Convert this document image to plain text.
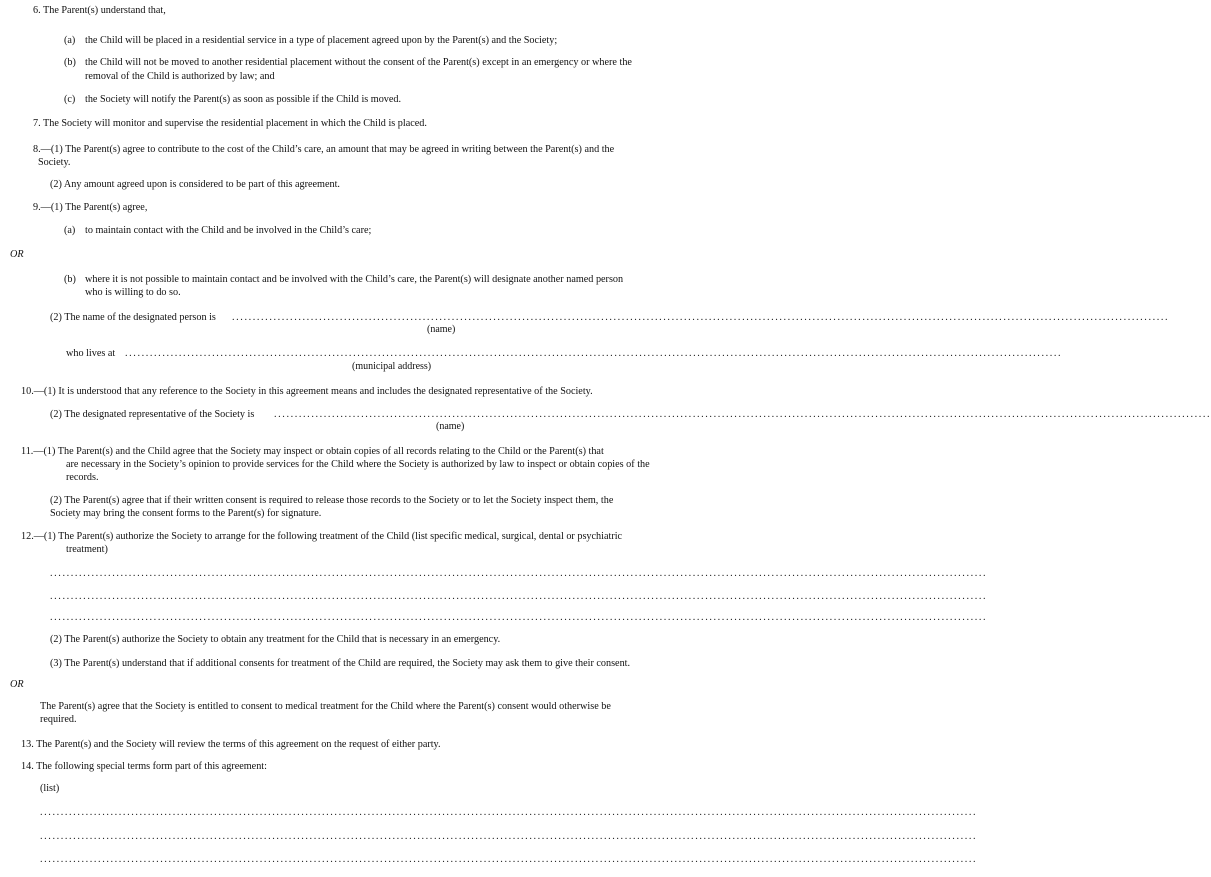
6. The Parent(s) understand that,
(a) the Child will be placed in a residential service in a type of placement agreed upon by the Parent(s) and the Society;
(b) the Child will not be moved to another residential placement without the consent of the Parent(s) except in an emergency or where the
removal of the Child is authorized by law; and
(c) the Society will notify the Parent(s) as soon as possible if the Child is moved.
7. The Society will monitor and supervise the residential placement in which the Child is placed.
8.—(1) The Parent(s) agree to contribute to the cost of the Child’s care, an amount that may be agreed in writing between the Parent(s) and the
Society.
(2) Any amount agreed upon is considered to be part of this agreement.
9.—(1) The Parent(s) agree,
(a) to maintain contact with the Child and be involved in the Child’s care;
OR
(b) where it is not possible to maintain contact and be involved with the Child’s care, the Parent(s) will designate another named person
who is willing to do so.
(2) The name of the designated person is ..................................................................................................................................................................................................................................
(name)
who lives at ..................................................................................................................................................................................................................................
(municipal address)
10.—(1) It is understood that any reference to the Society in this agreement means and includes the designated representative of the Society.
(2) The designated representative of the Society is ..................................................................................................................................................................................................................................
(name)
11.—(1) The Parent(s) and the Child agree that the Society may inspect or obtain copies of all records relating to the Child or the Parent(s) that
are necessary in the Society’s opinion to provide services for the Child where the Society is authorized by law to inspect or obtain copies of the
records.
(2) The Parent(s) agree that if their written consent is required to release those records to the Society or to let the Society inspect them, the
Society may bring the consent forms to the Parent(s) for signature.
12.—(1) The Parent(s) authorize the Society to arrange for the following treatment of the Child (list specific medical, surgical, dental or psychiatric
treatment)
..................................................................................................................................................................................................................................
..................................................................................................................................................................................................................................
..................................................................................................................................................................................................................................
(2) The Parent(s) authorize the Society to obtain any treatment for the Child that is necessary in an emergency.
(3) The Parent(s) understand that if additional consents for treatment of the Child are required, the Society may ask them to give their consent.
OR
The Parent(s) agree that the Society is entitled to consent to medical treatment for the Child where the Parent(s) consent would otherwise be
required.
13. The Parent(s) and the Society will review the terms of this agreement on the request of either party.
14. The following special terms form part of this agreement:
(list)
..................................................................................................................................................................................................................................
..................................................................................................................................................................................................................................
..................................................................................................................................................................................................................................
